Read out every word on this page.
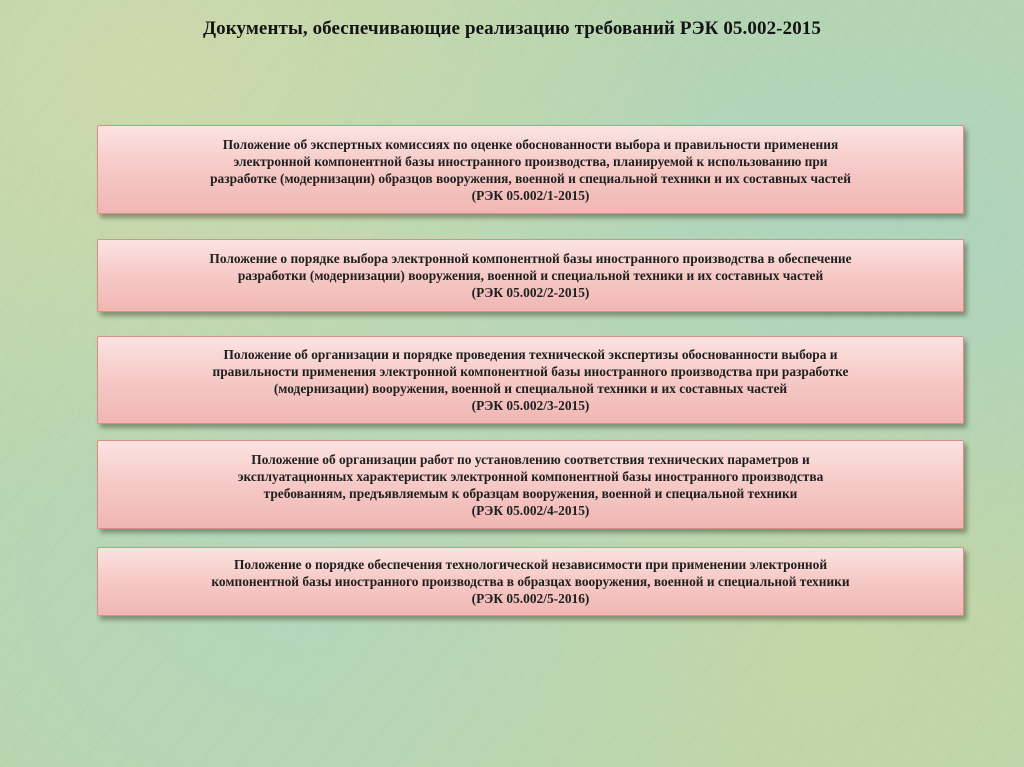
Документы, обеспечивающие реализацию требований РЭК 05.002-2015
Положение об экспертных комиссиях по оценке обоснованности выбора и правильности применения
электронной компонентной базы иностранного производства, планируемой к использованию при
разработке (модернизации) образцов вооружения, военной и специальной техники и их составных частей
(РЭК 05.002/1-2015)
Положение о порядке выбора электронной компонентной базы иностранного производства в обеспечение
разработки (модернизации) вооружения, военной и специальной техники и их составных частей
(РЭК 05.002/2-2015)
Положение об организации и порядке проведения технической экспертизы обоснованности выбора и
правильности применения электронной компонентной базы иностранного производства при разработке
(модернизации) вооружения, военной и специальной техники и их составных частей
(РЭК 05.002/3-2015)
Положение об организации работ по установлению соответствия технических параметров и
эксплуатационных характеристик электронной компонентной базы иностранного производства
требованиям, предъявляемым к образцам вооружения, военной и специальной техники
(РЭК 05.002/4-2015)
Положение о порядке обеспечения технологической независимости при применении электронной
компонентной базы иностранного производства в образцах вооружения, военной и специальной техники
(РЭК 05.002/5-2016)
